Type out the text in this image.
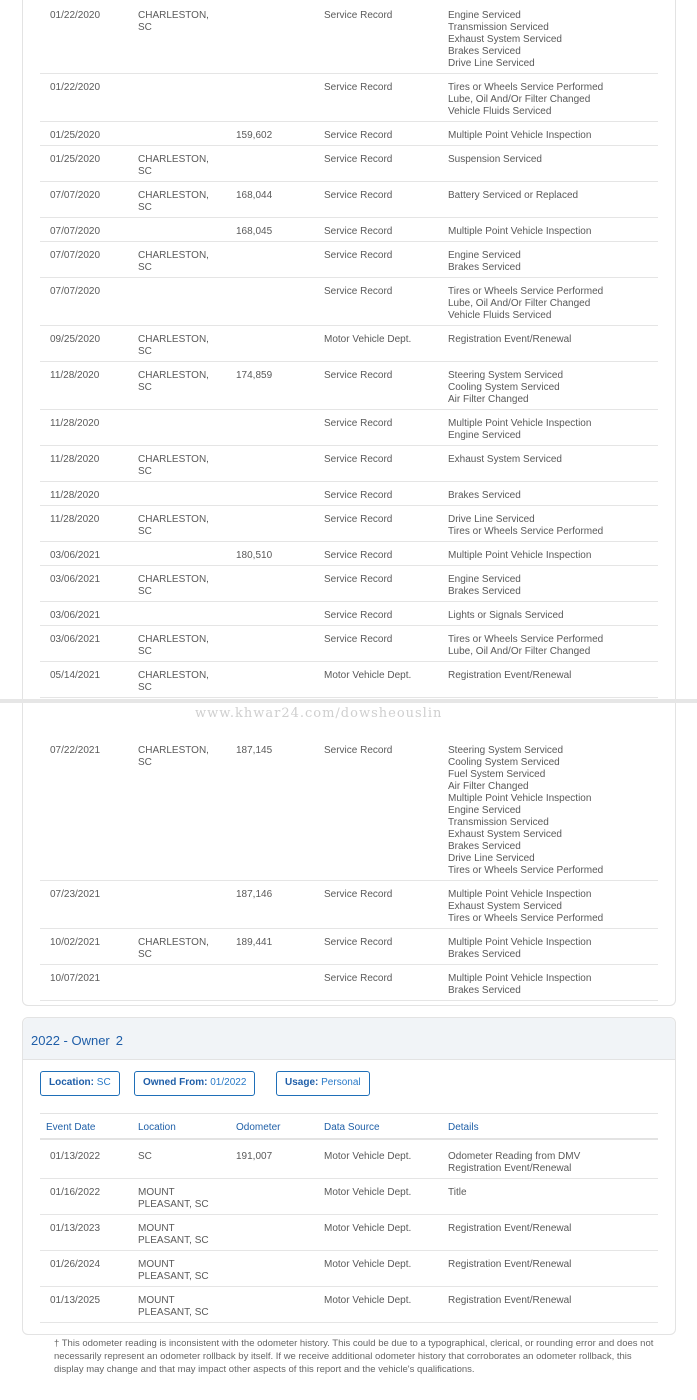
01/22/2020	CHARLESTON,
SC
Service Record	Engine Serviced
Transmission Serviced
Exhaust System Serviced
Brakes Serviced
Drive Line Serviced
01/22/2020	Service Record	Tires or Wheels Service Performed
Lube, Oil And/Or Filter Changed
Vehicle Fluids Serviced
01/25/2020	159,602	Service Record	Multiple Point Vehicle Inspection
01/25/2020	CHARLESTON,
SC
Service Record	Suspension Serviced
07/07/2020	CHARLESTON,
SC
168,044	Service Record	Battery Serviced or Replaced
07/07/2020	168,045	Service Record	Multiple Point Vehicle Inspection
07/07/2020	CHARLESTON,
SC
Service Record	Engine Serviced
Brakes Serviced
07/07/2020	Service Record	Tires or Wheels Service Performed
Lube, Oil And/Or Filter Changed
Vehicle Fluids Serviced
09/25/2020	CHARLESTON,
SC
Motor Vehicle Dept.	Registration Event/Renewal
11/28/2020	CHARLESTON,
SC
174,859	Service Record	Steering System Serviced
Cooling System Serviced
Air Filter Changed
11/28/2020	Service Record	Multiple Point Vehicle Inspection
Engine Serviced
11/28/2020	CHARLESTON,
SC
Service Record	Exhaust System Serviced
11/28/2020	Service Record	Brakes Serviced
11/28/2020	CHARLESTON,
SC
Service Record	Drive Line Serviced
Tires or Wheels Service Performed
03/06/2021	180,510	Service Record	Multiple Point Vehicle Inspection
03/06/2021	CHARLESTON,
SC
Service Record	Engine Serviced
Brakes Serviced
03/06/2021	Service Record	Lights or Signals Serviced
03/06/2021	CHARLESTON,
SC
Service Record	Tires or Wheels Service Performed
Lube, Oil And/Or Filter Changed
05/14/2021	CHARLESTON,
SC
Motor Vehicle Dept.	Registration Event/Renewal
07/22/2021	CHARLESTON,
SC
187,145	Service Record	Steering System Serviced
Cooling System Serviced
Fuel System Serviced
Air Filter Changed
Multiple Point Vehicle Inspection
Engine Serviced
Transmission Serviced
Exhaust System Serviced
Brakes Serviced
Drive Line Serviced
Tires or Wheels Service Performed
07/23/2021	187,146	Service Record	Multiple Point Vehicle Inspection
Exhaust System Serviced
Tires or Wheels Service Performed
10/02/2021	CHARLESTON,
SC
189,441	Service Record	Multiple Point Vehicle Inspection
Brakes Serviced
10/07/2021	Service Record	Multiple Point Vehicle Inspection
Brakes Serviced
www.khwar24.com/dowsheouslin
2022 - Owner 2
Location: SC	Owned From: 01/2022	Usage: Personal
Event Date	Location	Odometer	Data Source	Details
01/13/2022	SC	191,007	Motor Vehicle Dept.	Odometer Reading from DMV
Registration Event/Renewal
01/16/2022	MOUNT
PLEASANT, SC
Motor Vehicle Dept.	Title
01/13/2023	MOUNT
PLEASANT, SC
Motor Vehicle Dept.	Registration Event/Renewal
01/26/2024	MOUNT
PLEASANT, SC
Motor Vehicle Dept.	Registration Event/Renewal
01/13/2025	MOUNT
PLEASANT, SC
Motor Vehicle Dept.	Registration Event/Renewal
† This odometer reading is inconsistent with the odometer history. This could be due to a typographical, clerical, or rounding error and does not necessarily represent an odometer rollback by itself. If we receive additional odometer history that corroborates an odometer rollback, this display may change and that may impact other aspects of this report and the vehicle's qualifications.
